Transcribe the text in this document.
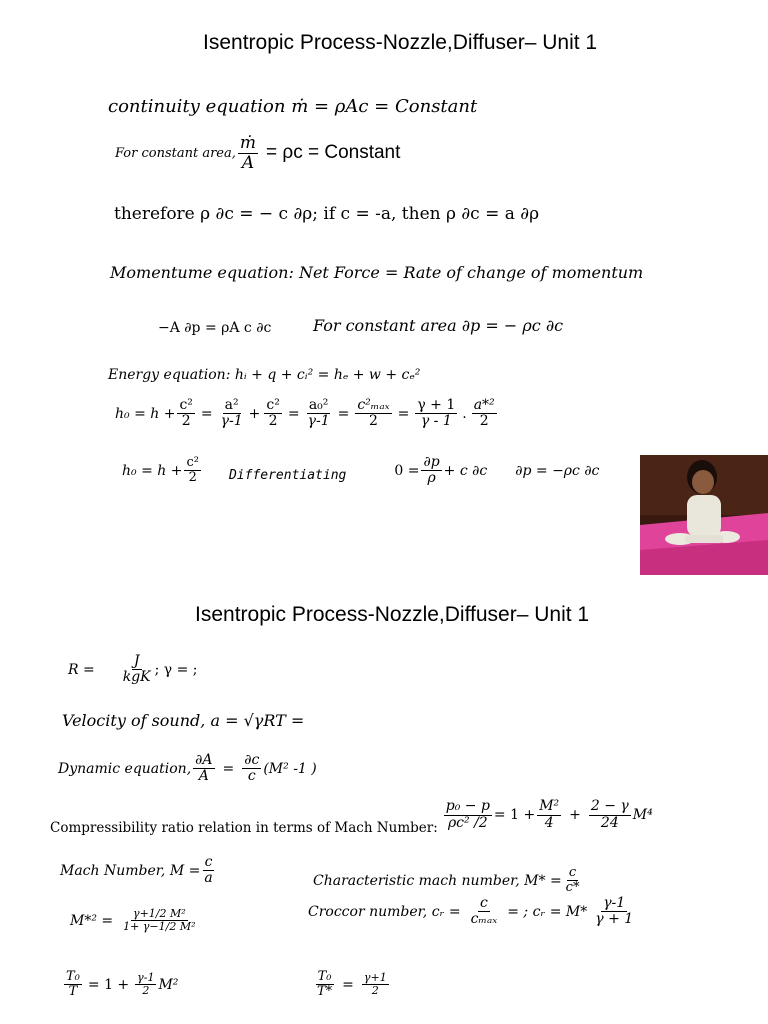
Isentropic Process-Nozzle,Diffuser– Unit 1
continuity equation ṁ = ρAc = Constant
For constant area, $\frac{\text{ṁ}}{A} = \rho c$ = Constant
therefore ρ ∂c = − c ∂ρ; if c = -a, then ρ ∂c = a ∂ρ
Momentume equation: Net Force = Rate of change of momentum
−A ∂p = ρA c ∂c	For constant area ∂p = − ρc ∂c
Energy equation: hᵢ + q + cᵢ² = hₑ + w + cₑ²
$h_0 = h + \frac{\text{c²}}{2} = \frac{\text{a²}}{\gamma-1} + \frac{\text{c²}}{2} = \frac{\text{a₀²}}{\gamma-1} = \frac{\text{c²ₘₐₓ}}{2} = \frac{\gamma + 1}{\gamma - 1}$ . $\frac{\text{a*²}}{2}$
$h_0 = h + \frac{\text{c²}}{2}$ Differentiating	$0 = \frac{\partial p}{\rho} + c$ ∂c ∂p = −ρc ∂c
Isentropic Process-Nozzle,Diffuser– Unit 1
$R = \frac{J}{\text{kgK}}$ ; γ = ;
Velocity of sound, a = √γRT =
Dynamic equation, $\frac{\partial A}{A} = \frac{\partial c}{c} (M^2$ -1 )
Compressibility ratio relation in terms of Mach Number: $\frac{\text{p₀ − p}}{\text{ρc² /2}} = 1 + \frac{\text{M²}}{4} + \frac{2 - \gamma}{24} M^4$
Mach Number, $M = \frac{c}{a}$	Characteristic mach number, $M* = \frac{c}{c*}$
$M*^2 = \frac{\text{γ+1/2 M²}}{\text{1+ γ−1/2 M²}}$	Croccor number, cᵣ = $\frac{c}{\text{cₘₐₓ}}$ = ; cᵣ = $M* \frac{\gamma-1}{\gamma + 1}$
$\frac{\text{T₀}}{T} = 1 + \frac{\gamma-1}{2} M^2$	$\frac{\text{T₀}}{T*} = \frac{\gamma+1}{2}$
